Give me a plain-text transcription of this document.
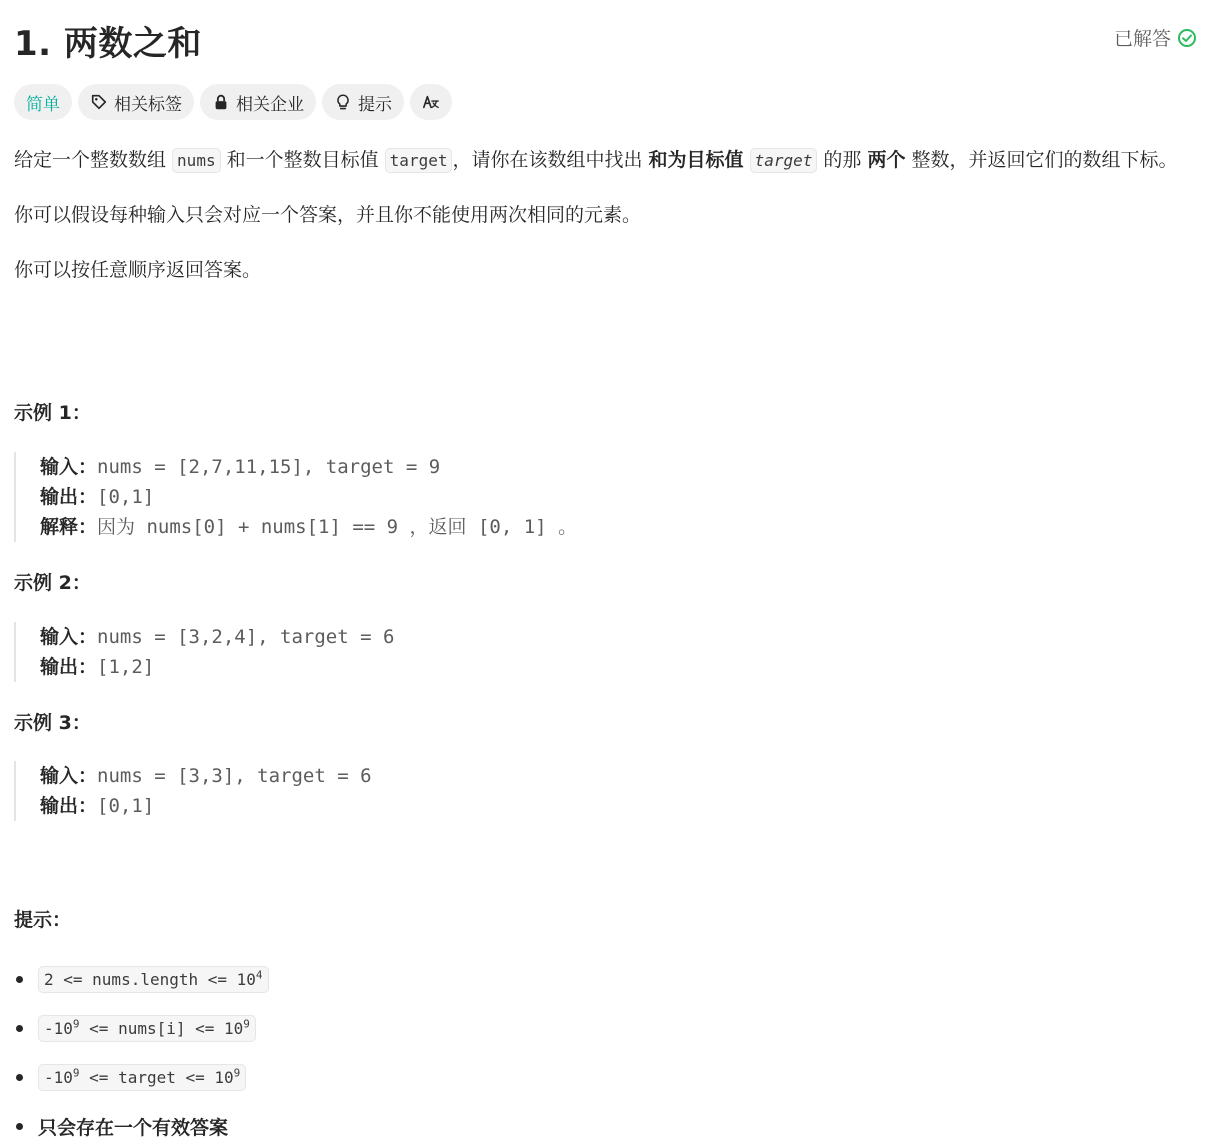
1. 两数之和	已解答
简单	相关标签	相关企业	提示

给定一个整数数组 nums 和一个整数目标值 target ，请你在该数组中找出 和为目标值 target 的那 两个 整数，并返回它们的数组下标。

你可以假设每种输入只会对应一个答案，并且你不能使用两次相同的元素。

你可以按任意顺序返回答案。

示例 1：
输入：nums = [2,7,11,15], target = 9
输出：[0,1]
解释：因为 nums[0] + nums[1] == 9 ，返回 [0, 1] 。
示例 2：
输入：nums = [3,2,4], target = 6
输出：[1,2]
示例 3：
输入：nums = [3,3], target = 6
输出：[0,1]
提示：
2 <= nums.length <= $10^4$
$-10^9$ <= nums[i] <= $10^9$
$-10^9$ <= target <= $10^9$
只会存在一个有效答案
